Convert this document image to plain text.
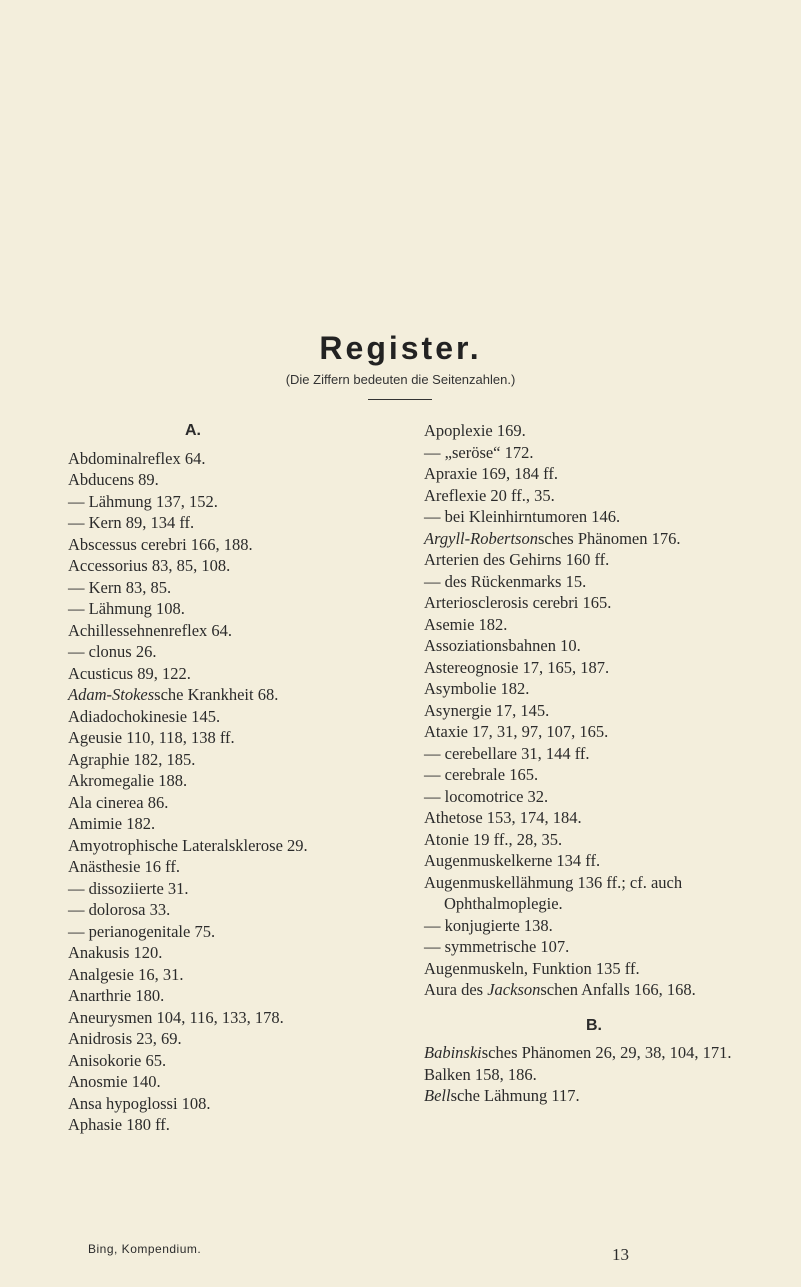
Register.
(Die Ziffern bedeuten die Seitenzahlen.)
A.
Abdominalreflex 64.
Abducens 89.
— Lähmung 137, 152.
— Kern 89, 134 ff.
Abscessus cerebri 166, 188.
Accessorius 83, 85, 108.
— Kern 83, 85.
— Lähmung 108.
Achillessehnenreflex 64.
— clonus 26.
Acusticus 89, 122.
Adam-Stokessche Krankheit 68.
Adiadochokinesie 145.
Ageusie 110, 118, 138 ff.
Agraphie 182, 185.
Akromegalie 188.
Ala cinerea 86.
Amimie 182.
Amyotrophische Lateralsklerose 29.
Anästhesie 16 ff.
— dissoziierte 31.
— dolorosa 33.
— perianogenitale 75.
Anakusis 120.
Analgesie 16, 31.
Anarthrie 180.
Aneurysmen 104, 116, 133, 178.
Anidrosis 23, 69.
Anisokorie 65.
Anosmie 140.
Ansa hypoglossi 108.
Aphasie 180 ff.
Apoplexie 169.
— „seröse“ 172.
Apraxie 169, 184 ff.
Areflexie 20 ff., 35.
— bei Kleinhirntumoren 146.
Argyll-Robertsonsches Phänomen 176.
Arterien des Gehirns 160 ff.
— des Rückenmarks 15.
Arteriosclerosis cerebri 165.
Asemie 182.
Assoziationsbahnen 10.
Astereognosie 17, 165, 187.
Asymbolie 182.
Asynergie 17, 145.
Ataxie 17, 31, 97, 107, 165.
— cerebellare 31, 144 ff.
— cerebrale 165.
— locomotrice 32.
Athetose 153, 174, 184.
Atonie 19 ff., 28, 35.
Augenmuskelkerne 134 ff.
Augenmuskellähmung 136 ff.; cf. auch Ophthalmoplegie.
— konjugierte 138.
— symmetrische 107.
Augenmuskeln, Funktion 135 ff.
Aura des Jacksonschen Anfalls 166, 168.
B.
Babinskisches Phänomen 26, 29, 38, 104, 171.
Balken 158, 186.
Bellsche Lähmung 117.
Bing, Kompendium.	13
